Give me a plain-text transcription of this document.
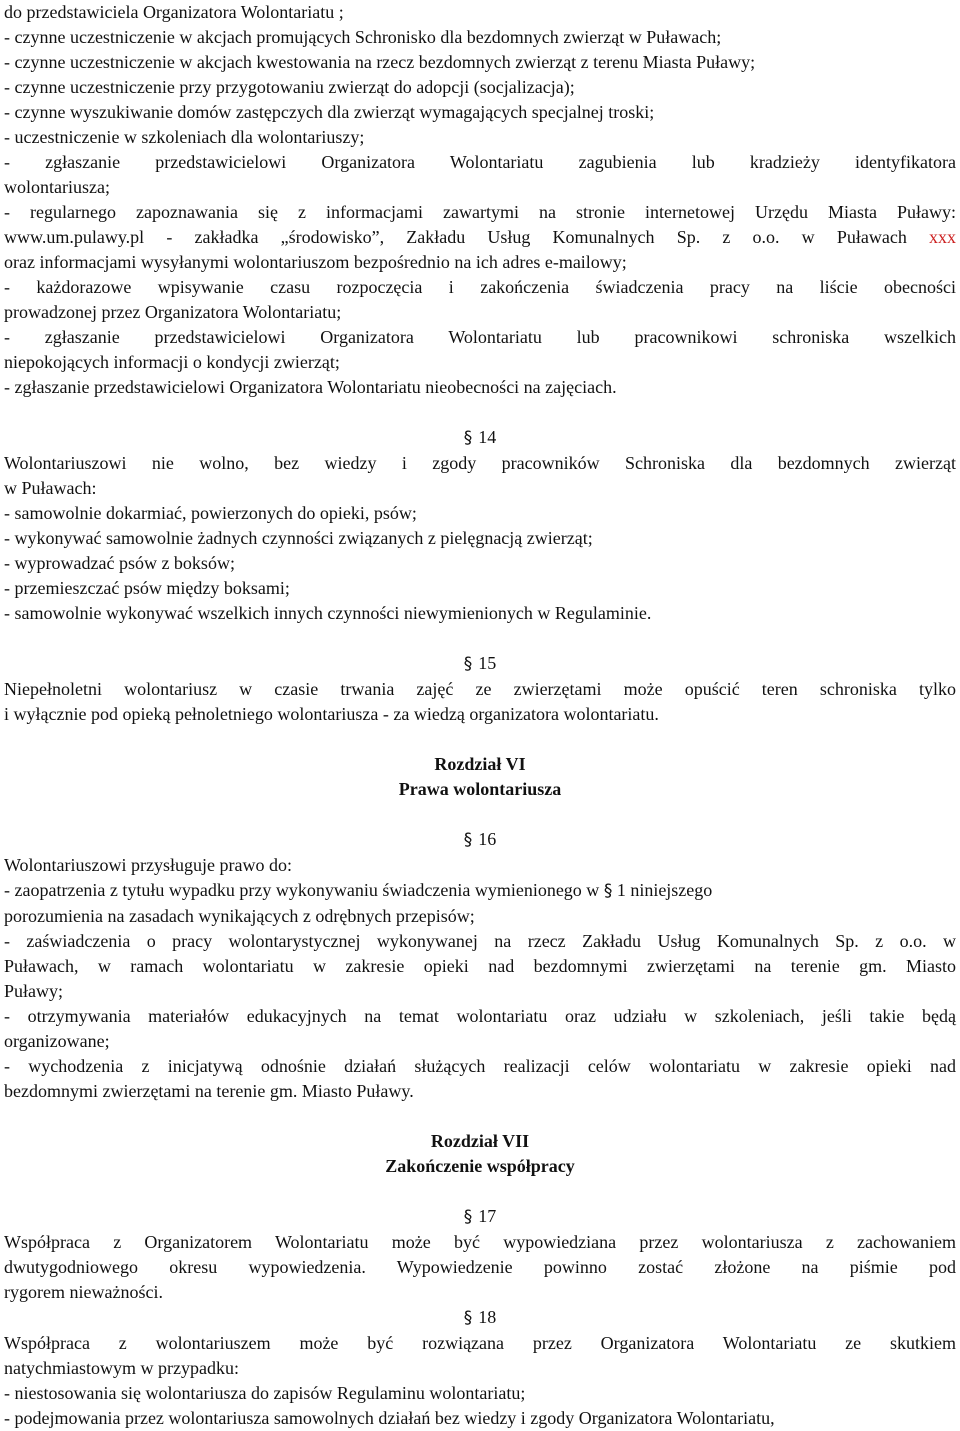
do przedstawiciela Organizatora Wolontariatu ;

- czynne uczestniczenie w akcjach promujących Schronisko dla bezdomnych zwierząt w Puławach;

- czynne uczestniczenie w akcjach kwestowania na rzecz bezdomnych zwierząt z terenu Miasta Puławy;

- czynne uczestniczenie przy przygotowaniu zwierząt do adopcji (socjalizacja);

- czynne wyszukiwanie domów zastępczych dla zwierząt wymagających specjalnej troski;

- uczestniczenie w szkoleniach dla wolontariuszy;

- zgłaszanie przedstawicielowi Organizatora Wolontariatu zagubienia lub kradzieży identyfikatora
wolontariusza;

- regularnego zapoznawania się z informacjami zawartymi na stronie internetowej Urzędu Miasta Puławy:
www.um.pulawy.pl - zakładka „środowisko”, Zakładu Usług Komunalnych Sp. z o.o. w Puławach xxx
oraz informacjami wysyłanymi wolontariuszom bezpośrednio na ich adres e-mailowy;

- każdorazowe wpisywanie czasu rozpoczęcia i zakończenia świadczenia pracy na liście obecności
prowadzonej przez Organizatora Wolontariatu;

- zgłaszanie przedstawicielowi Organizatora Wolontariatu lub pracownikowi schroniska wszelkich
niepokojących informacji o kondycji zwierząt;

- zgłaszanie przedstawicielowi Organizatora Wolontariatu nieobecności na zajęciach.

§ 14

Wolontariuszowi nie wolno, bez wiedzy i zgody pracowników Schroniska dla bezdomnych zwierząt
w Puławach:

- samowolnie dokarmiać, powierzonych do opieki, psów;

- wykonywać samowolnie żadnych czynności związanych z pielęgnacją zwierząt;

- wyprowadzać psów z boksów;

- przemieszczać psów między boksami;

- samowolnie wykonywać wszelkich innych czynności niewymienionych w Regulaminie.

§ 15

Niepełnoletni wolontariusz w czasie trwania zajęć ze zwierzętami może opuścić teren schroniska tylko
i wyłącznie pod opieką pełnoletniego wolontariusza - za wiedzą organizatora wolontariatu.

Rozdział VI
Prawa wolontariusza
§ 16

Wolontariuszowi przysługuje prawo do:

- zaopatrzenia z tytułu wypadku przy wykonywaniu świadczenia wymienionego w § 1 niniejszego
porozumienia na zasadach wynikających z odrębnych przepisów;

- zaświadczenia o pracy wolontarystycznej wykonywanej na rzecz Zakładu Usług Komunalnych Sp. z o.o. w
Puławach, w ramach wolontariatu w zakresie opieki nad bezdomnymi zwierzętami na terenie gm. Miasto
Puławy;

- otrzymywania materiałów edukacyjnych na temat wolontariatu oraz udziału w szkoleniach, jeśli takie będą
organizowane;

- wychodzenia z inicjatywą odnośnie działań służących realizacji celów wolontariatu w zakresie opieki nad
bezdomnymi zwierzętami na terenie gm. Miasto Puławy.

Rozdział VII
Zakończenie współpracy
§ 17

Współpraca z Organizatorem Wolontariatu może być wypowiedziana przez wolontariusza z zachowaniem
dwutygodniowego okresu wypowiedzenia. Wypowiedzenie powinno zostać złożone na piśmie pod
rygorem nieważności.

§ 18

Współpraca z wolontariuszem może być rozwiązana przez Organizatora Wolontariatu ze skutkiem
natychmiastowym w przypadku:

- niestosowania się wolontariusza do zapisów Regulaminu wolontariatu;

- podejmowania przez wolontariusza samowolnych działań bez wiedzy i zgody Organizatora Wolontariatu,
